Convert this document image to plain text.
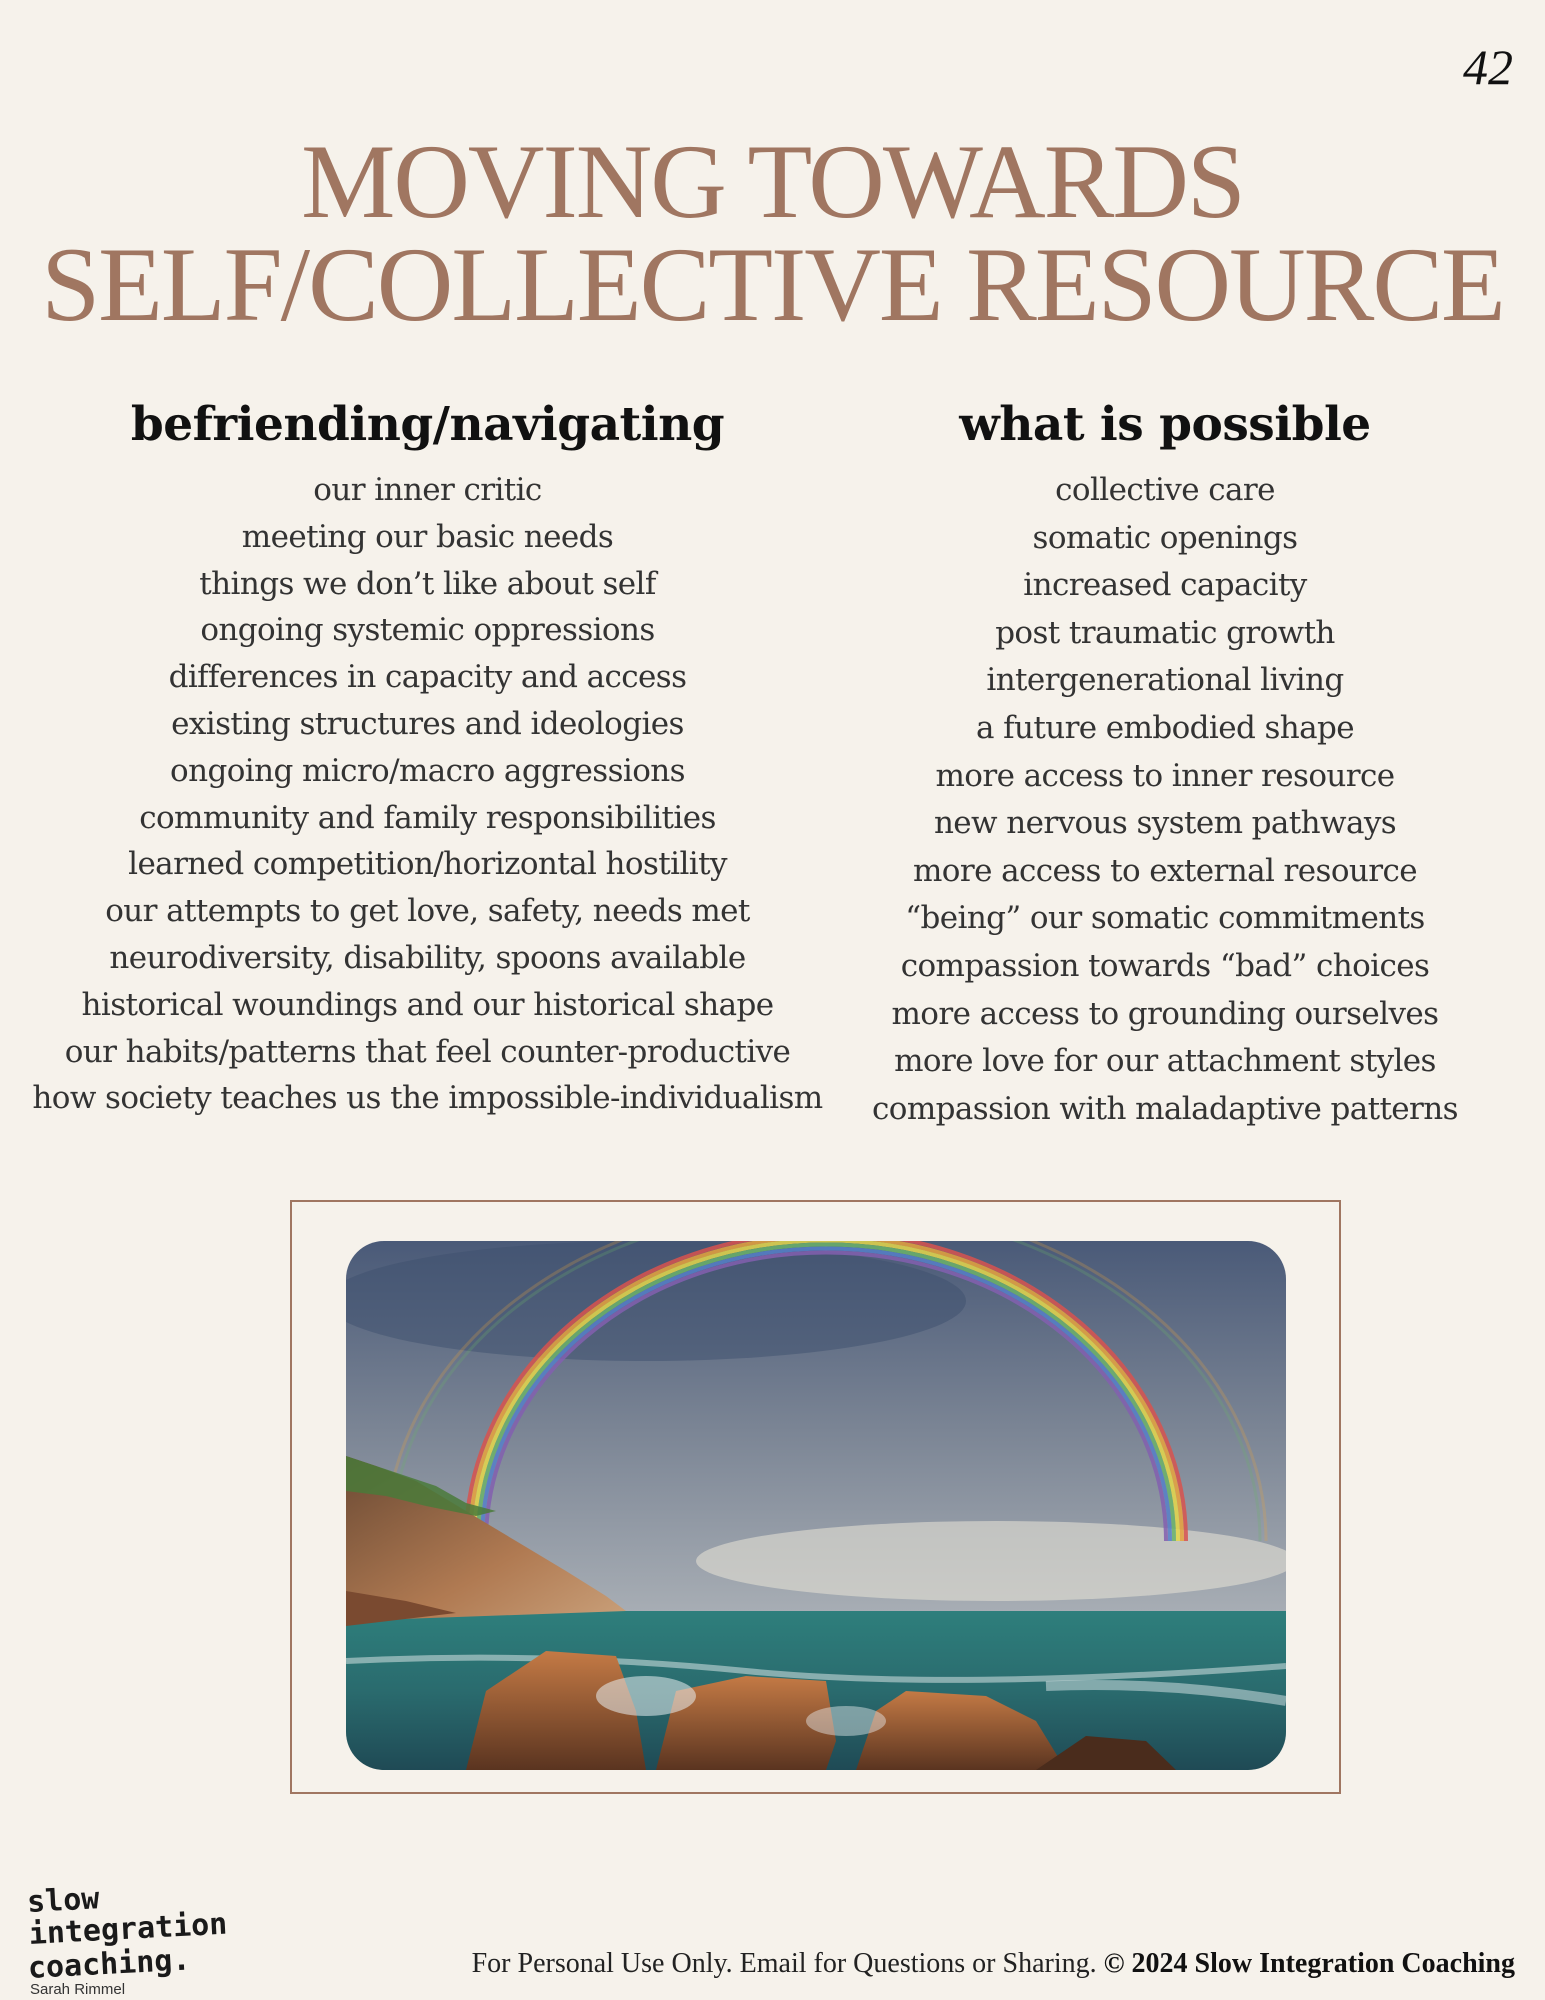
42
MOVING TOWARDS
SELF/COLLECTIVE RESOURCE
befriending/navigating
our inner critic
meeting our basic needs
things we don’t like about self
ongoing systemic oppressions
differences in capacity and access
existing structures and ideologies
ongoing micro/macro aggressions
community and family responsibilities
learned competition/horizontal hostility
our attempts to get love, safety, needs met
neurodiversity, disability, spoons available
historical woundings and our historical shape
our habits/patterns that feel counter-productive
how society teaches us the impossible-individualism
what is possible
collective care
somatic openings
increased capacity
post traumatic growth
intergenerational living
a future embodied shape
more access to inner resource
new nervous system pathways
more access to external resource
“being” our somatic commitments
compassion towards “bad” choices
more access to grounding ourselves
more love for our attachment styles
compassion with maladaptive patterns
slow integration
coaching.
Sarah Rimmel
For Personal Use Only. Email for Questions or Sharing. © 2024 Slow Integration Coaching
